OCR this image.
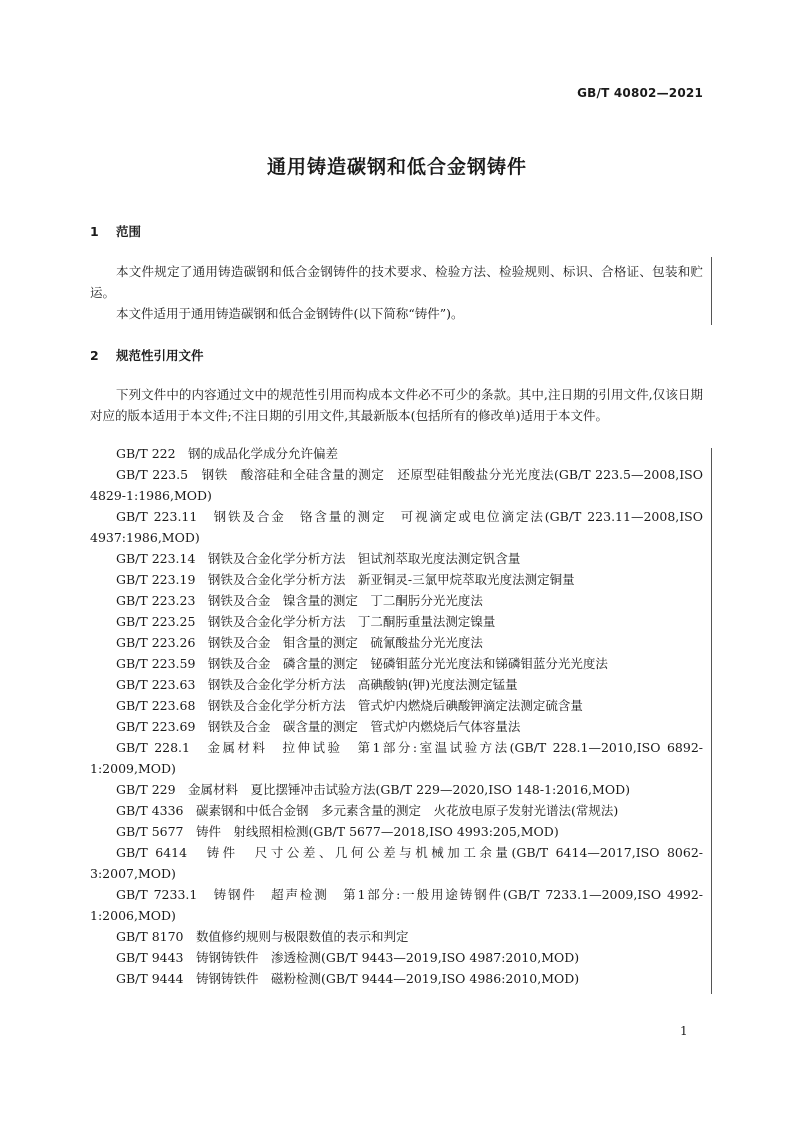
GB/T 40802—2021
通用铸造碳钢和低合金钢铸件
1 范围

本文件规定了通用铸造碳钢和低合金钢铸件的技术要求、检验方法、检验规则、标识、合格证、包装和贮运。

本文件适用于通用铸造碳钢和低合金钢铸件(以下简称“铸件”)。

2 规范性引用文件

下列文件中的内容通过文中的规范性引用而构成本文件必不可少的条款。其中,注日期的引用文件,仅该日期对应的版本适用于本文件;不注日期的引用文件,其最新版本(包括所有的修改单)适用于本文件。

GB/T 222　钢的成品化学成分允许偏差
GB/T 223.5　钢铁　酸溶硅和全硅含量的测定　还原型硅钼酸盐分光光度法(GB/T 223.5—2008,ISO 4829-1:1986,MOD)
GB/T 223.11　钢铁及合金　铬含量的测定　可视滴定或电位滴定法(GB/T 223.11—2008,ISO 4937:1986,MOD)
GB/T 223.14　钢铁及合金化学分析方法　钽试剂萃取光度法测定钒含量
GB/T 223.19　钢铁及合金化学分析方法　新亚铜灵-三氯甲烷萃取光度法测定铜量
GB/T 223.23　钢铁及合金　镍含量的测定　丁二酮肟分光光度法
GB/T 223.25　钢铁及合金化学分析方法　丁二酮肟重量法测定镍量
GB/T 223.26　钢铁及合金　钼含量的测定　硫氰酸盐分光光度法
GB/T 223.59　钢铁及合金　磷含量的测定　铋磷钼蓝分光光度法和锑磷钼蓝分光光度法
GB/T 223.63　钢铁及合金化学分析方法　高碘酸钠(钾)光度法测定锰量
GB/T 223.68　钢铁及合金化学分析方法　管式炉内燃烧后碘酸钾滴定法测定硫含量
GB/T 223.69　钢铁及合金　碳含量的测定　管式炉内燃烧后气体容量法
GB/T 228.1　金属材料　拉伸试验　第1部分:室温试验方法(GB/T 228.1—2010,ISO 6892-1:2009,MOD)
GB/T 229　金属材料　夏比摆锤冲击试验方法(GB/T 229—2020,ISO 148-1:2016,MOD)
GB/T 4336　碳素钢和中低合金钢　多元素含量的测定　火花放电原子发射光谱法(常规法)
GB/T 5677　铸件　射线照相检测(GB/T 5677—2018,ISO 4993:205,MOD)
GB/T 6414　铸件　尺寸公差、几何公差与机械加工余量(GB/T 6414—2017,ISO 8062-3:2007,MOD)
GB/T 7233.1　铸钢件　超声检测　第1部分:一般用途铸钢件(GB/T 7233.1—2009,ISO 4992-1:2006,MOD)
GB/T 8170　数值修约规则与极限数值的表示和判定
GB/T 9443　铸钢铸铁件　渗透检测(GB/T 9443—2019,ISO 4987:2010,MOD)
GB/T 9444　铸钢铸铁件　磁粉检测(GB/T 9444—2019,ISO 4986:2010,MOD)
1
